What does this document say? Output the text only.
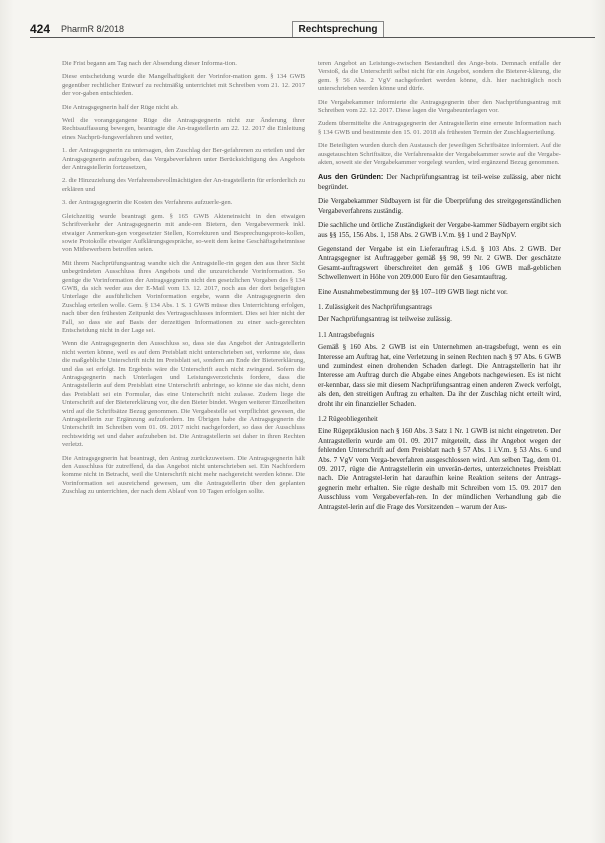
424 PharmR 8/2018	Rechtsprechung

Die Frist begann am Tag nach der Absendung dieser Informa-tion.

Diese entscheidung wurde die Mangelhaftigkeit der Vorinfor-mation gem. § 134 GWB gegenüber rechtlicher Entwurf zu rechtmäßig unterrichtet mit Schreiben vom 21. 12. 2017 der vor-gaben entschieden.

Die Antragsgegnerin half der Rüge nicht ab.

Weil die vorangegangene Rüge die Antragsgegnerin nicht zur Änderung ihrer Rechtsauffassung bewegen, beantragte die An-tragstellerin am 22. 12. 2017 die Einleitung eines Nachprü-fungsverfahren und weiter,

1. der Antragsgegnerin zu untersagen, den Zuschlag der Ber-gefahrenen zu erteilen und der Antragsgegnerin aufzugeben, das Vergabeverfahren unter Berücksichtigung des Angebots der Antragstellerin fortzusetzen,

2. die Hinzuziehung des Verfahrensbevollmächtigten der An-tragstellerin für erforderlich zu erklären und

3. der Antragsgegnerin die Kosten des Verfahrens aufzuerle-gen.

Gleichzeitig wurde beantragt gem. § 165 GWB Akteneinsicht in den etwaigen Schriftverkehr der Antragsgegnerin mit ande-ren Bietern, den Vergabevermerk inkl. etwaiger Anmerkun-gen vorgesetzter Stellen, Korrekturen und Besprechungsproto-kollen, sowie Protokolle etwaiger Aufklärungsgespräche, so-weit dem keine Geschäftsgeheimnisse von Mitbewerbern betroffen seien.

Mit ihrem Nachprüfungsantrag wandte sich die Antragstelle-rin gegen den aus ihrer Sicht unbegründeten Ausschluss ihres Angebots und die unzureichende Vorinformation. So genüge die Vorinformation der Antragsgegnerin nicht den gesetzlichen Vorgaben des § 134 GWB, da sich weder aus der E-Mail vom 13. 12. 2017, noch aus der dort beigefügten Unterlage die ausführlichen Vorinformation ergebe, wann die Antragsgegnerin den Zuschlag erteilen wolle. Gem. § 134 Abs. 1 S. 1 GWB müsse dies Unterrichtung erfolgen, nach über den frühesten Zeitpunkt des Vertragsschlusses informiert. Dies sei hier nicht der Fall, so dass sie auf Basis der derzeitigen Informationen zu einer sach-gerechten Entscheidung nicht in der Lage sei.

Wenn die Antragsgegnerin den Ausschluss so, dass sie das Angebot der Antragstellerin nicht werten könne, weil es auf dem Preisblatt nicht unterschrieben sei, verkenne sie, dass die maßgebliche Unterschrift nicht im Preisblatt sei, sondern am Ende der Bietererklärung, und das sei erfolgt. Im Ergebnis wäre die Unterschrift auch nicht zwingend. Sofern die Antragsgegnerin nach Unterlagen und Leistungsverzeichnis fordere, dass die Antragstellerin auf dem Preisblatt eine Unterschrift anbringe, so könne sie das nicht, denn das Preisblatt sei ein Formular, das eine Unterschrift nicht zulasse. Zudem liege die Unterschrift auf der Bietererklärung vor, die den Bieter bindet. Wegen weiterer Einzelheiten wird auf die Schriftsätze Bezug genommen. Die Vergabestelle sei verpflichtet gewesen, die Antragstellerin zur Ergänzung aufzufordern. Im Übrigen habe die Antragsgegnerin die Unterschrift im Schreiben vom 01. 09. 2017 nicht nachgefordert, so dass der Ausschluss rechtswidrig sei und daher aufzuheben ist. Die Antragstellerin sei daher in ihren Rechten verletzt.

Die Antragsgegnerin hat beantragt, den Antrag zurückzuweisen. Die Antragsgegnerin hält den Ausschluss für zutreffend, da das Angebot nicht unterschrieben sei. Ein Nachfordern komme nicht in Betracht, weil die Unterschrift nicht mehr nachgereicht werden könne. Die Vorinformation sei ausreichend gewesen, um die Antragstellerin über den geplanten Zuschlag zu unterrichten, der nach dem Ablauf von 10 Tagen erfolgen sollte.

teren Angebot an Leistungs-zwischen Bestandteil des Ange-bots. Demnach entfalle der Verstoß, da die Unterschrift selbst nicht für ein Angebot, sondern die Bieterer-klärung, die gem. § 56 Abs. 2 VgV nachgefordert werden könne, d.h. hier nachträglich noch unterschrieben werden könne und dürfe.

Die Vergabekammer informierte die Antragsgegnerin über den Nachprüfungsantrag mit Schreiben vom 22. 12. 2017. Diese lagen die Vergabeunterlagen vor.

Zudem übermittelte die Antragsgegnerin der Antragstellerin eine erneute Information nach § 134 GWB und bestimmte den 15. 01. 2018 als frühesten Termin der Zuschlagserteilung.

Die Beteiligten wurden durch den Austausch der jeweiligen Schriftsätze informiert. Auf die ausgetauschten Schriftsätze, die Verfahrensakte der Vergabekammer sowie auf die Vergabe-akten, soweit sie der Vergabekammer vorgelegt wurden, wird ergänzend Bezug genommen.

Aus den Gründen: Der Nachprüfungsantrag ist teil-weise zulässig, aber nicht begründet.

Die Vergabekammer Südbayern ist für die Überprüfung des streitgegenständlichen Vergabeverfahrens zuständig.

Die sachliche und örtliche Zuständigkeit der Vergabe-kammer Südbayern ergibt sich aus §§ 155, 156 Abs. 1, 158 Abs. 2 GWB i.V.m. §§ 1 und 2 BayNpV.

Gegenstand der Vergabe ist ein Lieferauftrag i.S.d. § 103 Abs. 2 GWB. Der Antragsgegner ist Auftraggeber gemäß §§ 98, 99 Nr. 2 GWB. Der geschätzte Gesamt-auftragswert überschreitet den gemäß § 106 GWB maß-geblichen Schwellenwert in Höhe von 209.000 Euro für den Gesamtauftrag.

Eine Ausnahmebestimmung der §§ 107–109 GWB liegt nicht vor.

1. Zulässigkeit des Nachprüfungsantrags

Der Nachprüfungsantrag ist teilweise zulässig.

1.1 Antragsbefugnis

Gemäß § 160 Abs. 2 GWB ist ein Unternehmen an-tragsbefugt, wenn es ein Interesse am Auftrag hat, eine Verletzung in seinen Rechten nach § 97 Abs. 6 GWB und zumindest einen drohenden Schaden darlegt. Die Antragstellerin hat ihr Interesse am Auftrag durch die Abgabe eines Angebots nachgewiesen. Es ist nicht er-kennbar, dass sie mit diesem Nachprüfungsantrag einen anderen Zweck verfolgt, als den, den streitigen Auftrag zu erhalten. Da ihr der Zuschlag nicht erteilt wird, droht ihr ein finanzieller Schaden.

1.2 Rügeobliegenheit

Eine Rügepräklusion nach § 160 Abs. 3 Satz 1 Nr. 1 GWB ist nicht eingetreten. Der Antragstellerin wurde am 01. 09. 2017 mitgeteilt, dass ihr Angebot wegen der fehlenden Unterschrift auf dem Preisblatt nach § 57 Abs. 1 i.V.m. § 53 Abs. 6 und Abs. 7 VgV vom Verga-beverfahren ausgeschlossen wird. Am selben Tag, dem 01. 09. 2017, rügte die Antragstellerin ein unverän-dertes, unterzeichnetes Preisblatt nach. Die Antragstel-lerin hat daraufhin keine Reaktion seitens der Antrags-gegnerin mehr erhalten. Sie rügte deshalb mit Schreiben vom 15. 09. 2017 den Ausschluss vom Vergabeverfah-ren. In der mündlichen Verhandlung gab die Antragstel-lerin auf die Frage des Vorsitzenden – warum der Aus-
